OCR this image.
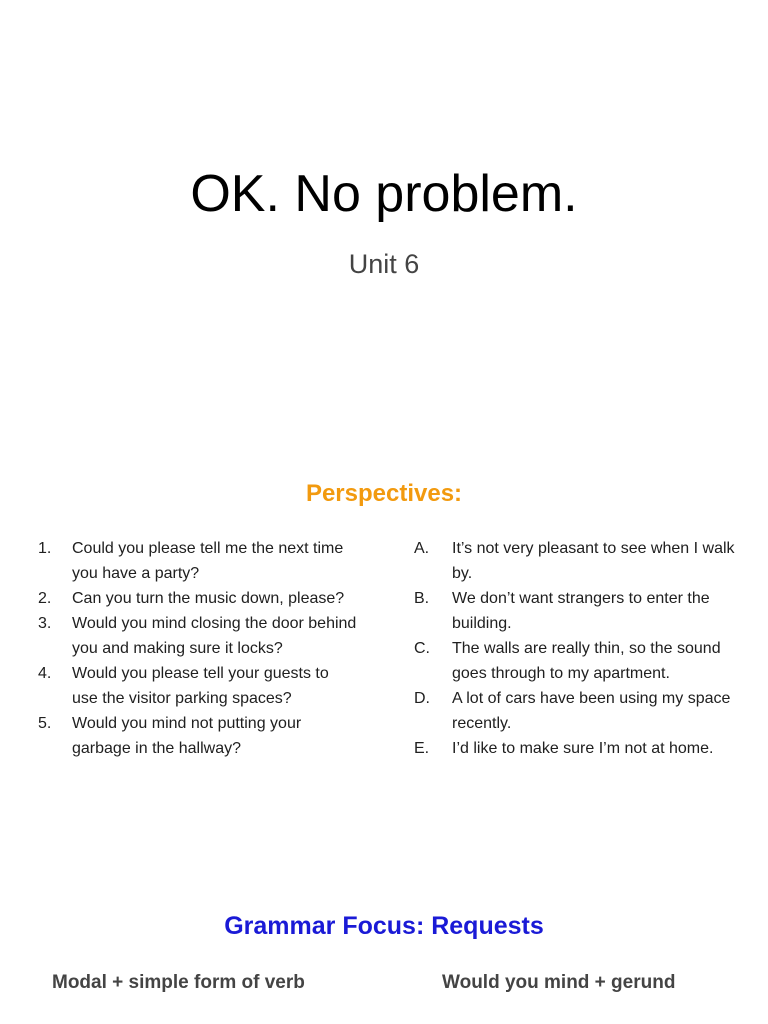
OK. No problem.
Unit 6
Perspectives:
1.	Could you please tell me the next time you have a party?
2.	Can you turn the music down, please?
3.	Would you mind closing the door behind you and making sure it locks?
4.	Would you please tell your guests to use the visitor parking spaces?
5.	Would you mind not putting your garbage in the hallway?
A.	It’s not very pleasant to see when I walk by.
B.	We don’t want strangers to enter the building.
C.	The walls are really thin, so the sound goes through to my apartment.
D.	A lot of cars have been using my space recently.
E.	I’d like to make sure I’m not at home.
Grammar Focus: Requests
Modal + simple form of verb	Would you mind + gerund
